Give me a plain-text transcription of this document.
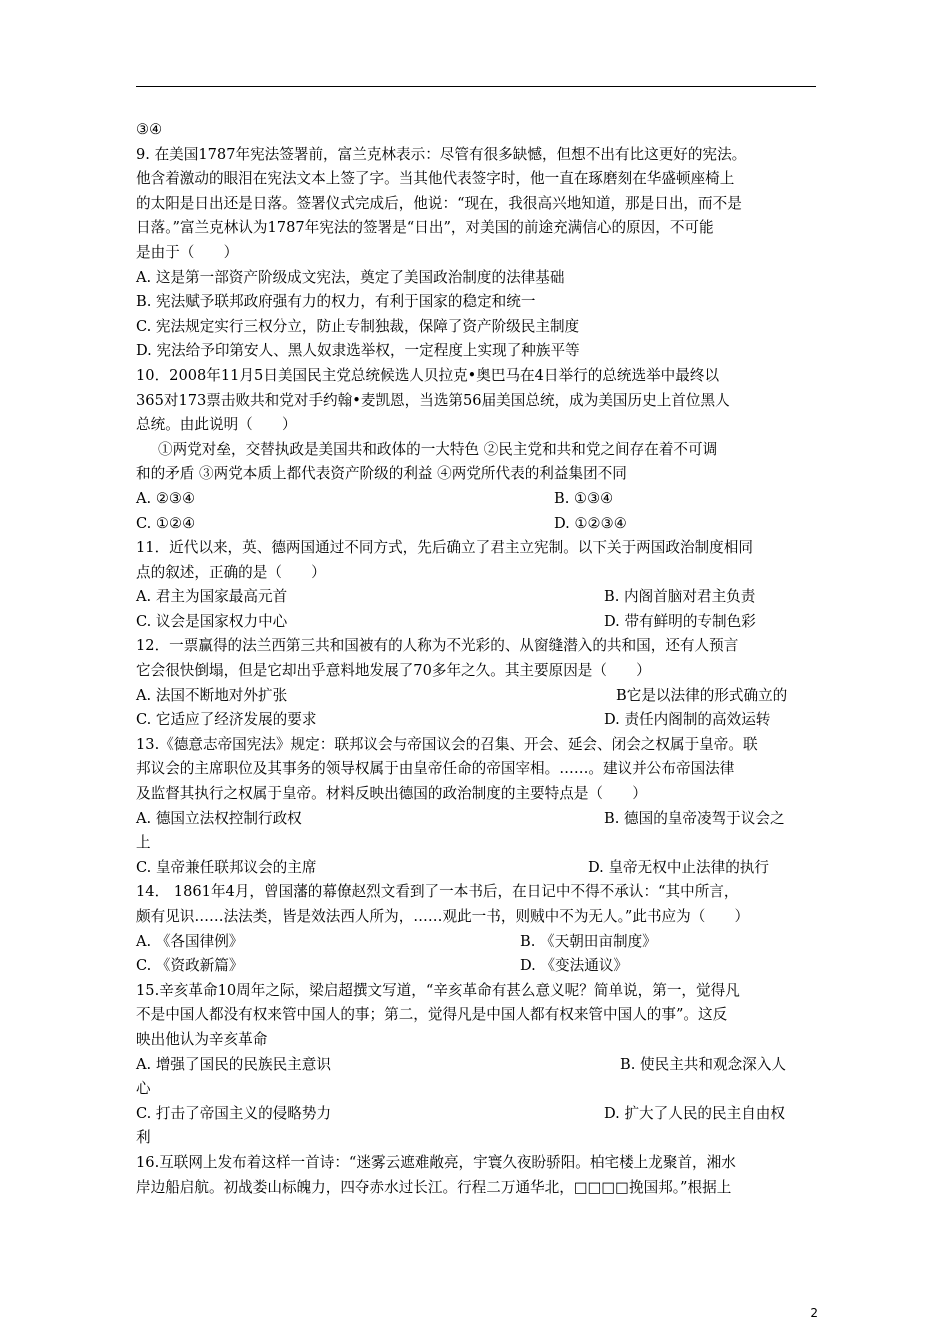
③④
9. 在美国1787年宪法签署前，富兰克林表示：尽管有很多缺憾，但想不出有比这更好的宪法。
他含着激动的眼泪在宪法文本上签了字。当其他代表签字时，他一直在琢磨刻在华盛顿座椅上
的太阳是日出还是日落。签署仪式完成后，他说：“现在，我很高兴地知道，那是日出，而不是
日落。”富兰克林认为1787年宪法的签署是“日出”，对美国的前途充满信心的原因，不可能
是由于（　　）
A. 这是第一部资产阶级成文宪法，奠定了美国政治制度的法律基础
B. 宪法赋予联邦政府强有力的权力，有利于国家的稳定和统一
C. 宪法规定实行三权分立，防止专制独裁，保障了资产阶级民主制度
D. 宪法给予印第安人、黑人奴隶选举权，一定程度上实现了种族平等
10．2008年11月5日美国民主党总统候选人贝拉克•奥巴马在4日举行的总统选举中最终以
365对173票击败共和党对手约翰•麦凯恩，当选第56届美国总统，成为美国历史上首位黑人
总统。由此说明（　　）
①两党对垒，交替执政是美国共和政体的一大特色 ②民主党和共和党之间存在着不可调
和的矛盾 ③两党本质上都代表资产阶级的利益 ④两党所代表的利益集团不同
A. ②③④	B. ①③④
C. ①②④	D. ①②③④
11．近代以来，英、德两国通过不同方式，先后确立了君主立宪制。以下关于两国政治制度相同
点的叙述，正确的是（　　）
A. 君主为国家最高元首	B. 内阁首脑对君主负责
C. 议会是国家权力中心	D. 带有鲜明的专制色彩
12．一票赢得的法兰西第三共和国被有的人称为不光彩的、从窗缝潜入的共和国，还有人预言
它会很快倒塌，但是它却出乎意料地发展了70多年之久。其主要原因是（　　）
A. 法国不断地对外扩张	B它是以法律的形式确立的
C. 它适应了经济发展的要求	D. 责任内阁制的高效运转
13.《德意志帝国宪法》规定：联邦议会与帝国议会的召集、开会、延会、闭会之权属于皇帝。联
邦议会的主席职位及其事务的领导权属于由皇帝任命的帝国宰相。……。建议并公布帝国法律
及监督其执行之权属于皇帝。材料反映出德国的政治制度的主要特点是（　　）
A. 德国立法权控制行政权	B. 德国的皇帝凌驾于议会之
上
C. 皇帝兼任联邦议会的主席	D. 皇帝无权中止法律的执行
14． 1861年4月，曾国藩的幕僚赵烈文看到了一本书后，在日记中不得不承认：“其中所言，
颇有见识……法法类，皆是效法西人所为，……观此一书，则贼中不为无人。”此书应为（　　）
A. 《各国律例》	B. 《天朝田亩制度》
C. 《资政新篇》	D. 《变法通议》
15.辛亥革命10周年之际，梁启超撰文写道，“辛亥革命有甚么意义呢？简单说，第一，觉得凡
不是中国人都没有权来管中国人的事；第二，觉得凡是中国人都有权来管中国人的事”。这反
映出他认为辛亥革命
A. 增强了国民的民族民主意识	B. 使民主共和观念深入人
心
C. 打击了帝国主义的侵略势力	D. 扩大了人民的民主自由权
利
16.互联网上发布着这样一首诗：“迷雾云遮难敞亮，宇寰久夜盼骄阳。柏宅楼上龙聚首，湘水
岸边船启航。初战娄山标魄力，四夺赤水过长江。行程二万通华北，□□□□挽国邦。”根据上
2
